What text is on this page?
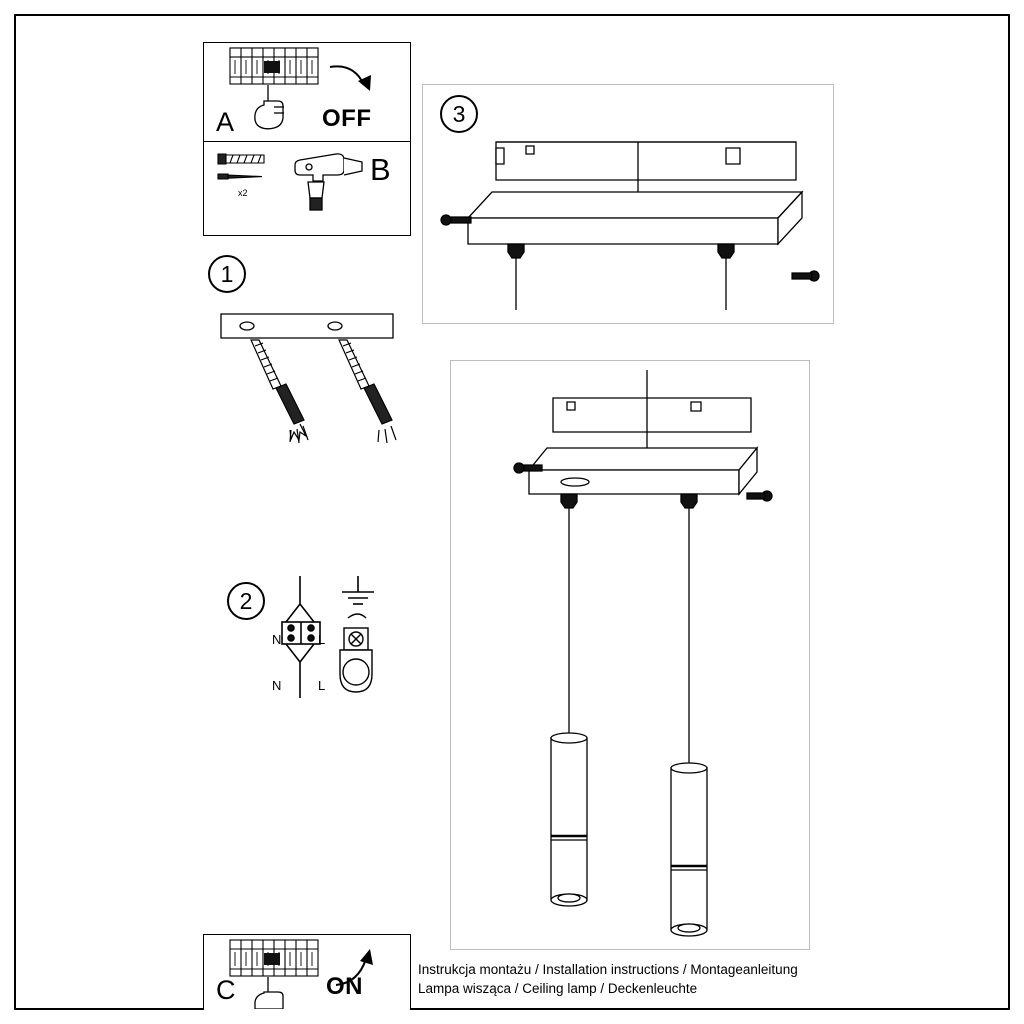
A	OFF
x2
B
1
2
N	L
N	L
C	ON
3
Instrukcja montażu / Installation instructions / Montageanleitung
Lampa wisząca / Ceiling lamp / Deckenleuchte
